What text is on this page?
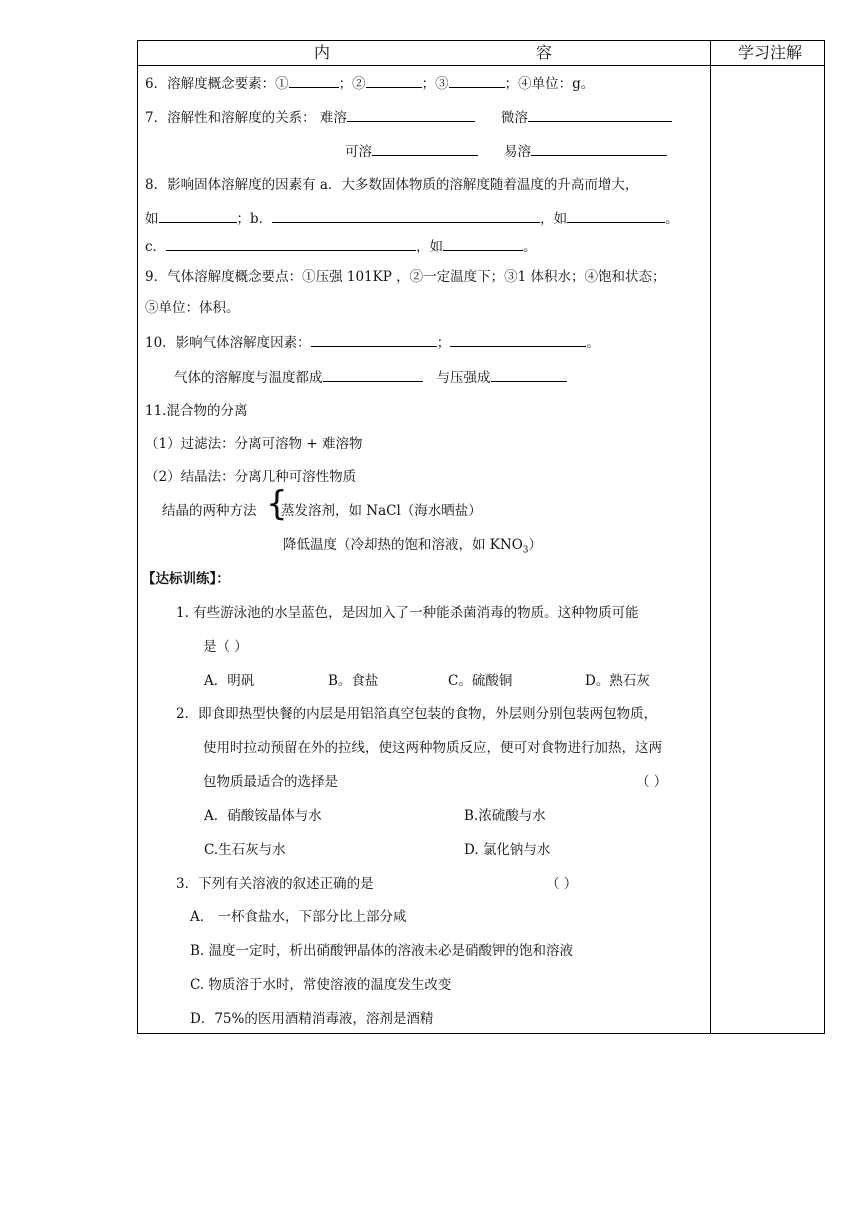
内	容	学习注解
6．溶解度概念要素：①	；②	；③	；④单位：g。
7．溶解性和溶解度的关系： 难溶	微溶
可溶	易溶
8．影响固体溶解度的因素有 a．大多数固体物质的溶解度随着温度的升高而增大，
如	；b．	，如	。
c．	，如	。
9．气体溶解度概念要点：①压强 101KP ，②一定温度下；③1 体积水；④饱和状态；
⑤单位：体积。
10．影响气体溶解度因素：	；	。
气体的溶解度与温度都成	与压强成
11.混合物的分离
（1）过滤法：分离可溶物 + 难溶物
（2）结晶法：分离几种可溶性物质
结晶的两种方法 {
蒸发溶剂，如 NaCl（海水晒盐）
降低温度（冷却热的饱和溶液，如 $KNO_3$）
【达标训练】：
1. 有些游泳池的水呈蓝色，是因加入了一种能杀菌消毒的物质。这种物质可能
是（ ）
A．明矾	B。食盐	C。硫酸铜	D。熟石灰
2．即食即热型快餐的内层是用铝箔真空包装的食物，外层则分别包装两包物质，
使用时拉动预留在外的拉线，使这两种物质反应，便可对食物进行加热，这两
包物质最适合的选择是	（ ）
A．硝酸铵晶体与水	B.浓硫酸与水
C.生石灰与水	D. 氯化钠与水
3．下列有关溶液的叙述正确的是	（ ）
A． 一杯食盐水，下部分比上部分咸
B. 温度一定时，析出硝酸钾晶体的溶液未必是硝酸钾的饱和溶液
C. 物质溶于水时，常使溶液的温度发生改变
D．75%的医用酒精消毒液，溶剂是酒精
